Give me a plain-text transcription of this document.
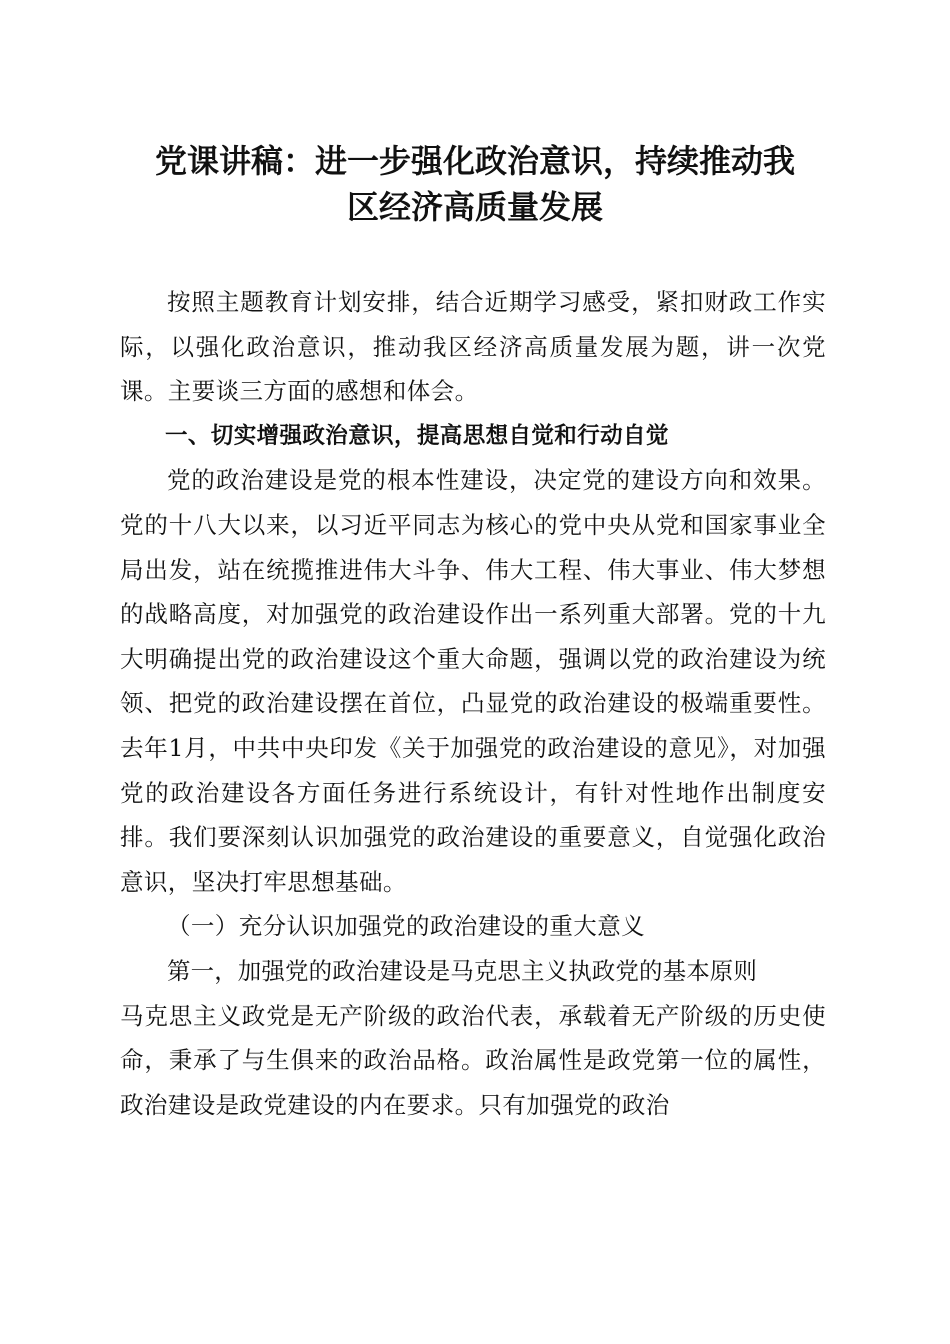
党课讲稿：进一步强化政治意识，持续推动我
区经济高质量发展

按照主题教育计划安排，结合近期学习感受，紧扣财政工作实际，以强化政治意识，推动我区经济高质量发展为题，讲一次党课。主要谈三方面的感想和体会。

一、切实增强政治意识，提高思想自觉和行动自觉

党的政治建设是党的根本性建设，决定党的建设方向和效果。党的十八大以来，以习近平同志为核心的党中央从党和国家事业全局出发，站在统揽推进伟大斗争、伟大工程、伟大事业、伟大梦想的战略高度，对加强党的政治建设作出一系列重大部署。党的十九大明确提出党的政治建设这个重大命题，强调以党的政治建设为统领、把党的政治建设摆在首位，凸显党的政治建设的极端重要性。去年1月，中共中央印发《关于加强党的政治建设的意见》，对加强党的政治建设各方面任务进行系统设计，有针对性地作出制度安排。我们要深刻认识加强党的政治建设的重要意义，自觉强化政治意识，坚决打牢思想基础。

（一）充分认识加强党的政治建设的重大意义

第一，加强党的政治建设是马克思主义执政党的基本原则

马克思主义政党是无产阶级的政治代表，承载着无产阶级的历史使命，秉承了与生俱来的政治品格。政治属性是政党第一位的属性，政治建设是政党建设的内在要求。只有加强党的政治
